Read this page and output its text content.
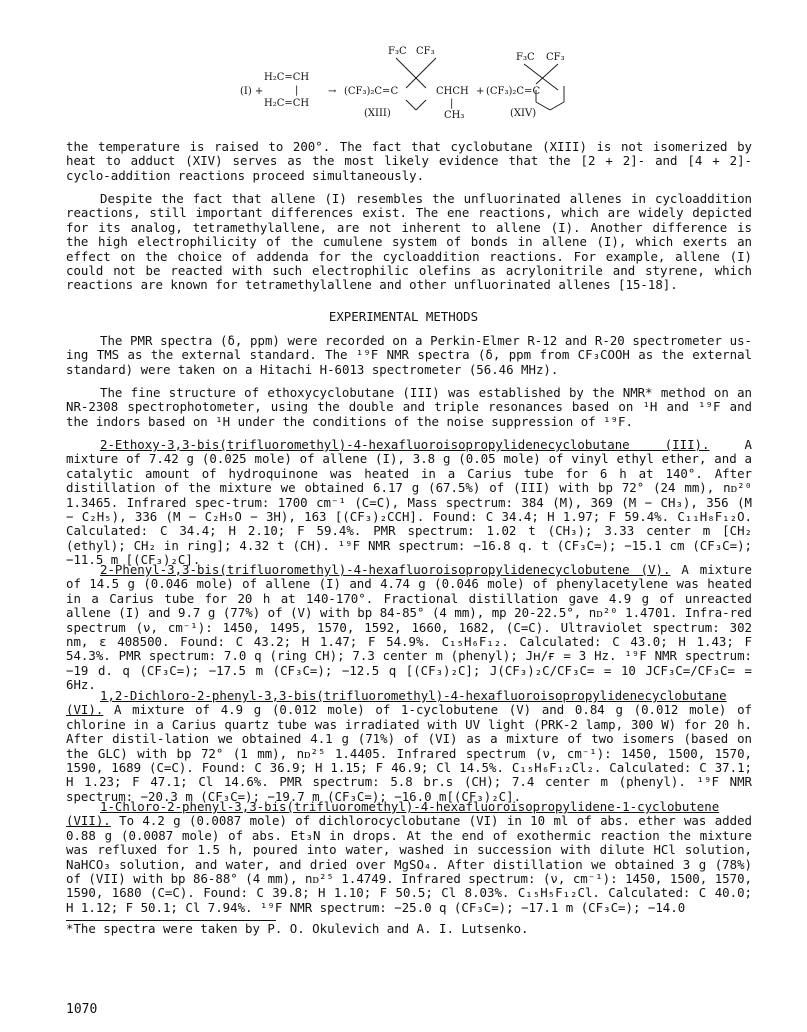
F₃C CF₃
F₃C CF₃
H₂C=CH
(I) +	|
H₂C=CH
→ (CF₃)₂C=C	CHCH
|
CH₃
(XIII)
+ (CF₃)₂C=C
(XIV)

the temperature is raised to 200°. The fact that cyclobutane (XIII) is not isomerized by heat to adduct (XIV) serves as the most likely evidence that the [2 + 2]- and [4 + 2]-cyclo-addition reactions proceed simultaneously.

Despite the fact that allene (I) resembles the unfluorinated allenes in cycloaddition reactions, still important differences exist. The ene reactions, which are widely depicted for its analog, tetramethylallene, are not inherent to allene (I). Another difference is the high electrophilicity of the cumulene system of bonds in allene (I), which exerts an effect on the choice of addenda for the cycloaddition reactions. For example, allene (I) could not be reacted with such electrophilic olefins as acrylonitrile and styrene, which reactions are known for tetramethylallene and other unfluorinated allenes [15-18].

EXPERIMENTAL METHODS

The PMR spectra (δ, ppm) were recorded on a Perkin-Elmer R-12 and R-20 spectrometer us-ing TMS as the external standard. The ¹⁹F NMR spectra (δ, ppm from CF₃COOH as the external standard) were taken on a Hitachi H-6013 spectrometer (56.46 MHz).

The fine structure of ethoxycyclobutane (III) was established by the NMR* method on an NR-2308 spectrophotometer, using the double and triple resonances based on ¹H and ¹⁹F and the indors based on ¹H under the conditions of the noise suppression of ¹⁹F.

2-Ethoxy-3,3-bis(trifluoromethyl)-4-hexafluoroisopropylidenecyclobutane (III). A mixture of 7.42 g (0.025 mole) of allene (I), 3.8 g (0.05 mole) of vinyl ethyl ether, and a catalytic amount of hydroquinone was heated in a Carius tube for 6 h at 140°. After distillation of the mixture we obtained 6.17 g (67.5%) of (III) with bp 72° (24 mm), nᴅ²⁰ 1.3465. Infrared spec-trum: 1700 cm⁻¹ (C=C), Mass spectrum: 384 (M), 369 (M − CH₃), 356 (M − C₂H₅), 336 (M − C₂H₅O − 3H), 163 [(CF₃)₂CCH]. Found: C 34.4; H 1.97; F 59.4%. C₁₁H₈F₁₂O. Calculated: C 34.4; H 2.10; F 59.4%. PMR spectrum: 1.02 t (CH₃); 3.33 center m [CH₂ (ethyl); CH₂ in ring]; 4.32 t (CH). ¹⁹F NMR spectrum: −16.8 q. t (CF₃C=); −15.1 cm (CF₃C=); −11.5 m [(CF₃)₂C].

2-Phenyl-3,3-bis(trifluoromethyl)-4-hexafluoroisopropylidenecyclobutene (V). A mixture of 14.5 g (0.046 mole) of allene (I) and 4.74 g (0.046 mole) of phenylacetylene was heated in a Carius tube for 20 h at 140-170°. Fractional distillation gave 4.9 g of unreacted allene (I) and 9.7 g (77%) of (V) with bp 84-85° (4 mm), mp 20-22.5°, nᴅ²⁰ 1.4701. Infra-red spectrum (ν, cm⁻¹): 1450, 1495, 1570, 1592, 1660, 1682, (C=C). Ultraviolet spectrum: 302 nm, ε 408500. Found: C 43.2; H 1.47; F 54.9%. C₁₅H₆F₁₂. Calculated: C 43.0; H 1.43; F 54.3%. PMR spectrum: 7.0 q (ring CH); 7.3 center m (phenyl); Jʜ/ғ = 3 Hz. ¹⁹F NMR spectrum: −19 d. q (CF₃C=); −17.5 m (CF₃C=); −12.5 q [(CF₃)₂C]; J(CF₃)₂C/CF₃C= = 10 JCF₃C=/CF₃C= = 6Hz.

1,2-Dichloro-2-phenyl-3,3-bis(trifluoromethyl)-4-hexafluoroisopropylidenecyclobutane (VI). A mixture of 4.9 g (0.012 mole) of 1-cyclobutene (V) and 0.84 g (0.012 mole) of chlorine in a Carius quartz tube was irradiated with UV light (PRK-2 lamp, 300 W) for 20 h. After distil-lation we obtained 4.1 g (71%) of (VI) as a mixture of two isomers (based on the GLC) with bp 72° (1 mm), nᴅ²⁵ 1.4405. Infrared spectrum (ν, cm⁻¹): 1450, 1500, 1570, 1590, 1689 (C=C). Found: C 36.9; H 1.15; F 46.9; Cl 14.5%. C₁₅H₆F₁₂Cl₂. Calculated: C 37.1; H 1.23; F 47.1; Cl 14.6%. PMR spectrum: 5.8 br.s (CH); 7.4 center m (phenyl). ¹⁹F NMR spectrum: −20.3 m (CF₃C=); −19.7 m (CF₃C=); −16.0 m[(CF₃)₂C].

1-Chloro-2-phenyl-3,3-bis(trifluoromethyl)-4-hexafluoroisopropylidene-1-cyclobutene (VII). To 4.2 g (0.0087 mole) of dichlorocyclobutane (VI) in 10 ml of abs. ether was added 0.88 g (0.0087 mole) of abs. Et₃N in drops. At the end of exothermic reaction the mixture was refluxed for 1.5 h, poured into water, washed in succession with dilute HCl solution, NaHCO₃ solution, and water, and dried over MgSO₄. After distillation we obtained 3 g (78%) of (VII) with bp 86-88° (4 mm), nᴅ²⁵ 1.4749. Infrared spectrum: (ν, cm⁻¹): 1450, 1500, 1570, 1590, 1680 (C=C). Found: C 39.8; H 1.10; F 50.5; Cl 8.03%. C₁₅H₅F₁₂Cl. Calculated: C 40.0; H 1.12; F 50.1; Cl 7.94%. ¹⁹F NMR spectrum: −25.0 q (CF₃C=); −17.1 m (CF₃C=); −14.0

*The spectra were taken by P. O. Okulevich and A. I. Lutsenko.

1070
